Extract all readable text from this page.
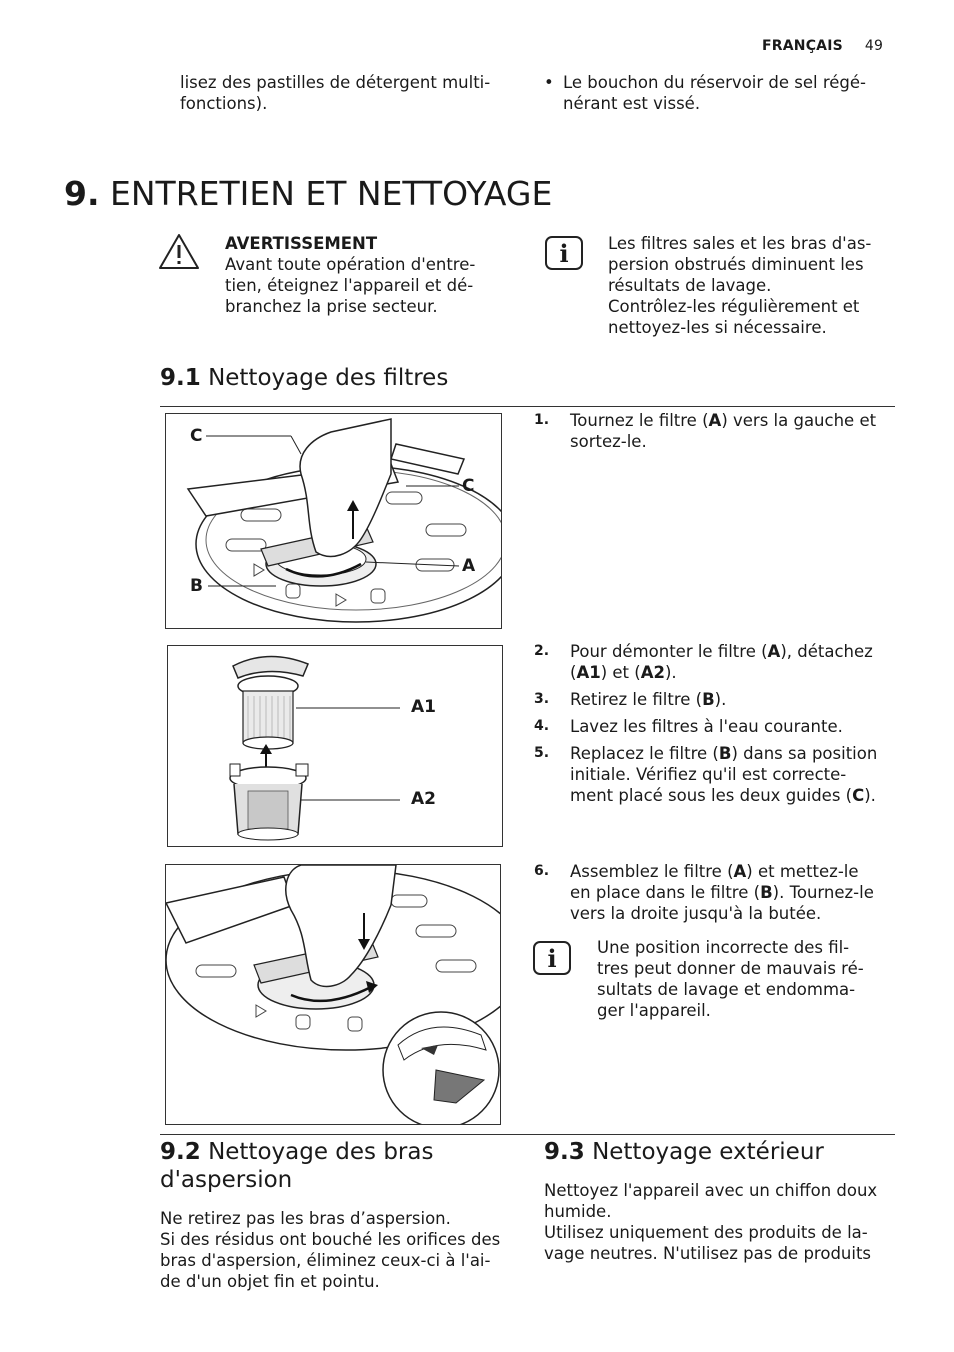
FRANÇAIS 49
lisez des pastilles de détergent multi-
fonctions).
• Le bouchon du réservoir de sel régé-
nérant est vissé.
9. ENTRETIEN ET NETTOYAGE
AVERTISSEMENT
Avant toute opération d'entre-
tien, éteignez l'appareil et dé-
branchez la prise secteur.
i	Les filtres sales et les bras d'as-
persion obstrués diminuent les
résultats de lavage.
Contrôlez-les régulièrement et
nettoyez-les si nécessaire.
9.1 Nettoyage des filtres
C
C
A
B
A1
A2
1. Tournez le filtre (A) vers la gauche et
sortez-le.
2. Pour démonter le filtre (A), détachez
(A1) et (A2).
3. Retirez le filtre (B).
4. Lavez les filtres à l'eau courante.
5. Replacez le filtre (B) dans sa position
initiale. Vérifiez qu'il est correcte-
ment placé sous les deux guides (C).
6. Assemblez le filtre (A) et mettez-le
en place dans le filtre (B). Tournez-le
vers la droite jusqu'à la butée.
i	Une position incorrecte des fil-
tres peut donner de mauvais ré-
sultats de lavage et endomma-
ger l'appareil.
9.2 Nettoyage des bras
d'aspersion
Ne retirez pas les bras d’aspersion.
Si des résidus ont bouché les orifices des
bras d'aspersion, éliminez ceux-ci à l'ai-
de d'un objet fin et pointu.
9.3 Nettoyage extérieur
Nettoyez l'appareil avec un chiffon doux
humide.
Utilisez uniquement des produits de la-
vage neutres. N'utilisez pas de produits
